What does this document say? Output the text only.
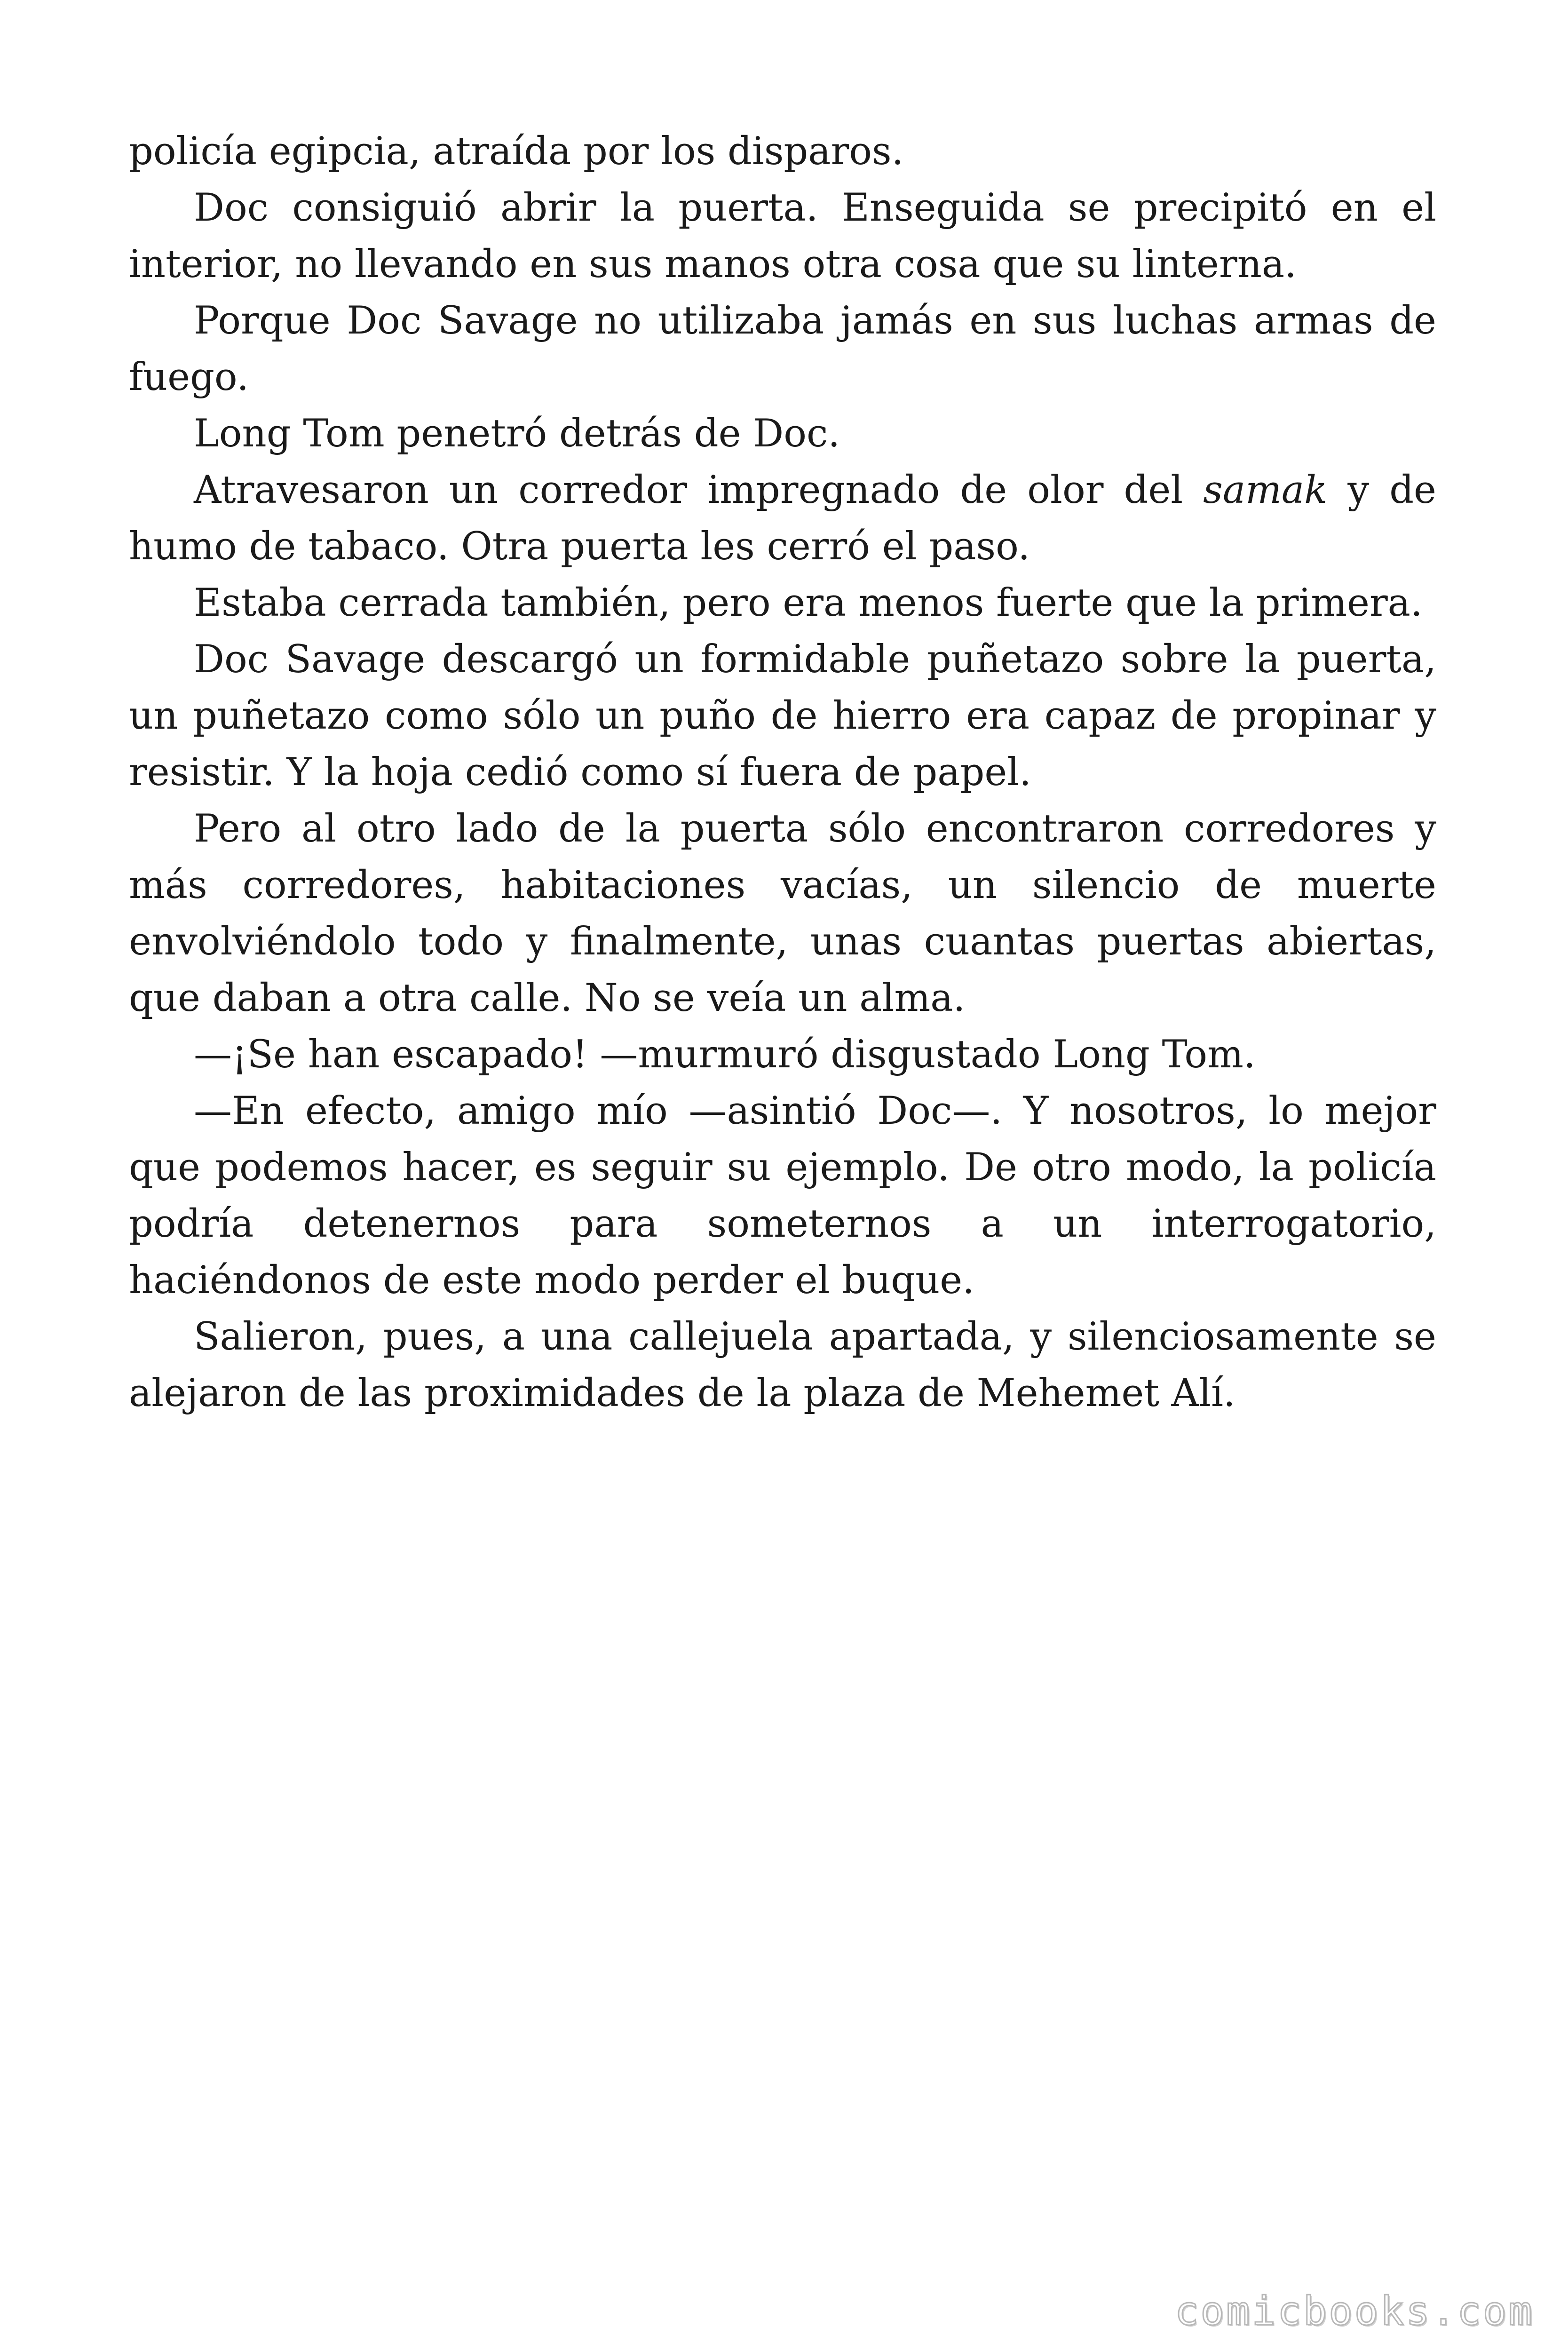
policía egipcia, atraída por los disparos.

Doc consiguió abrir la puerta. Enseguida se precipitó en el interior, no llevando en sus manos otra cosa que su linterna.

Porque Doc Savage no utilizaba jamás en sus luchas armas de fuego.

Long Tom penetró detrás de Doc.

Atravesaron un corredor impregnado de olor del samak y de humo de tabaco. Otra puerta les cerró el paso.

Estaba cerrada también, pero era menos fuerte que la primera.

Doc Savage descargó un formidable puñetazo sobre la puerta, un puñetazo como sólo un puño de hierro era capaz de propinar y resistir. Y la hoja cedió como sí fuera de papel.

Pero al otro lado de la puerta sólo encontraron corredores y más corredores, habitaciones vacías, un silencio de muerte envolviéndolo todo y finalmente, unas cuantas puertas abiertas, que daban a otra calle. No se veía un alma.

—¡Se han escapado! —murmuró disgustado Long Tom.

—En efecto, amigo mío —asintió Doc—. Y nosotros, lo mejor que podemos hacer, es seguir su ejemplo. De otro modo, la policía podría detenernos para someternos a un interrogatorio, haciéndonos de este modo perder el buque.

Salieron, pues, a una callejuela apartada, y silenciosamente se alejaron de las proximidades de la plaza de Mehemet Alí.

comicbooks.com
